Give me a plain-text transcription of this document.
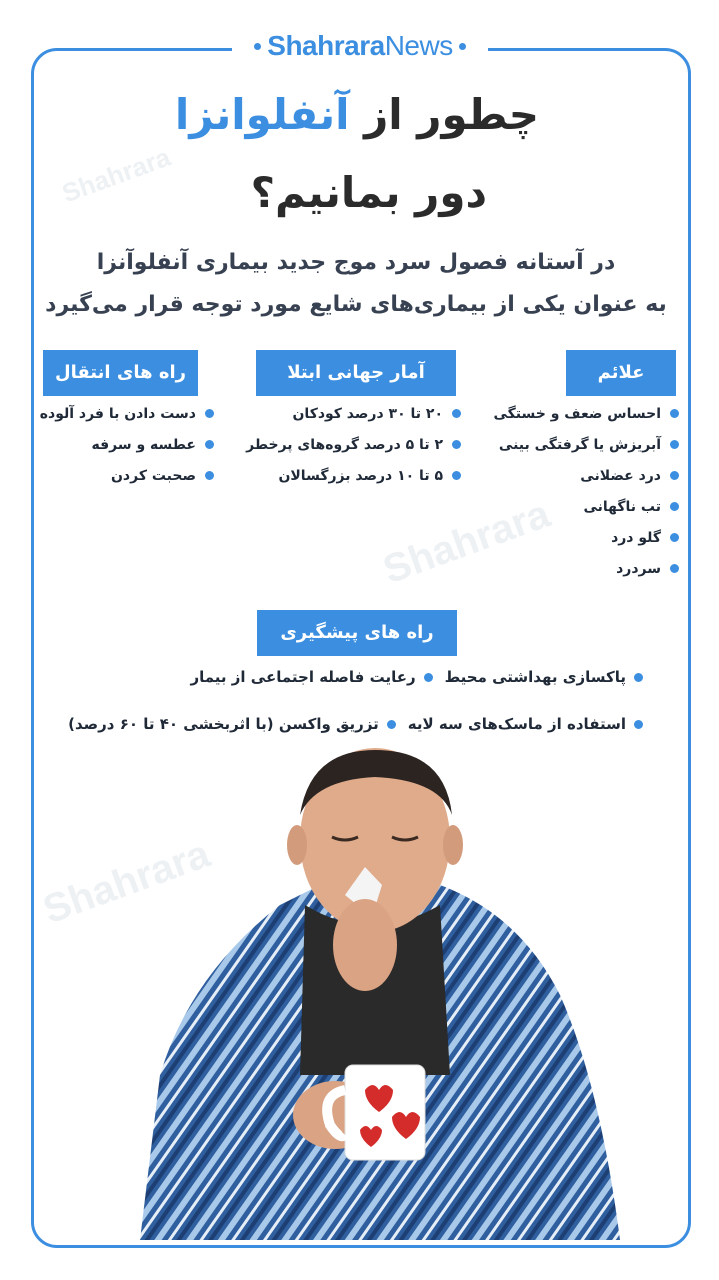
Shahrara
Shahrara
Shahrara
ShahraraNews
چطور از آنفلوانزا
دور بمانیم؟
در آستانه فصول سرد موج جدید بیماری آنفلوآنزا
به عنوان یکی از بیماری‌های شایع مورد توجه قرار می‌گیرد
علائم
آمار جهانی ابتلا
راه های انتقال
احساس ضعف و خستگی
آبریزش یا گرفتگی بینی
درد عضلانی
تب ناگهانی
گلو درد
سردرد
۲۰ تا ۳۰ درصد کودکان
۲ تا ۵ درصد گروه‌های پرخطر
۵ تا ۱۰ درصد بزرگسالان
دست دادن با فرد آلوده
عطسه و سرفه
صحبت کردن
راه های پیشگیری
پاکسازی بهداشتی محیط
رعایت فاصله اجتماعی از بیمار
استفاده از ماسک‌های سه لایه
تزریق واکسن (با اثربخشی ۴۰ تا ۶۰ درصد)
